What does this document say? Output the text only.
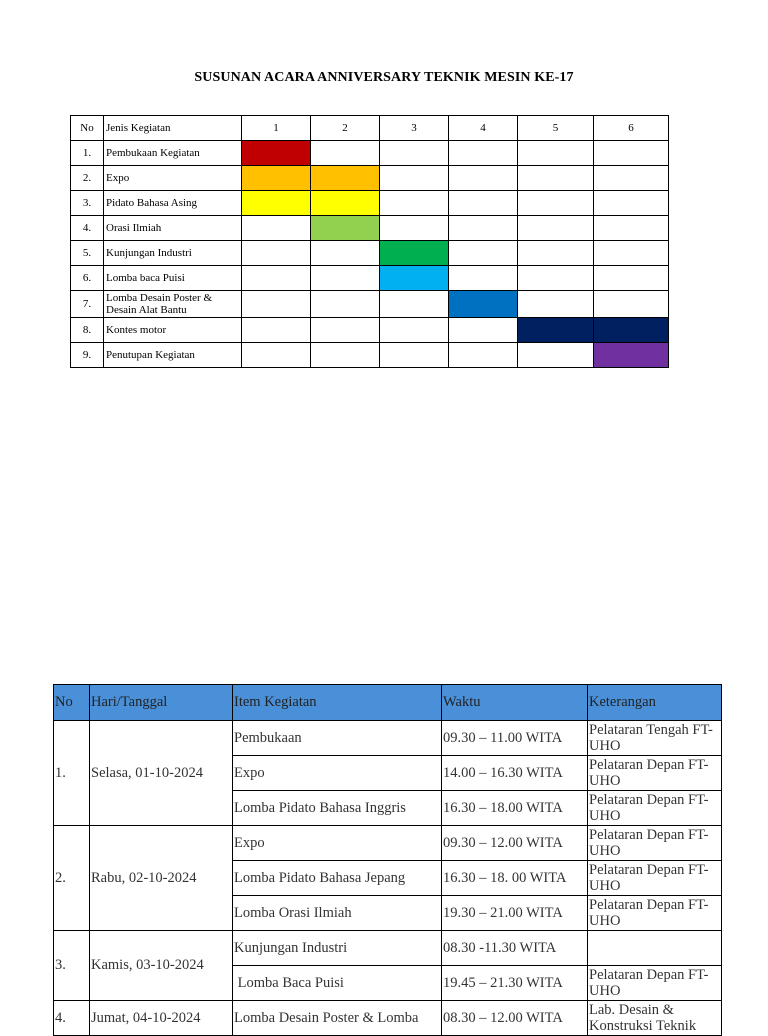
SUSUNAN ACARA ANNIVERSARY TEKNIK MESIN KE-17
No	Jenis Kegiatan	1	2	3	4	5	6
1.	Pembukaan Kegiatan						
2.	Expo						
3.	Pidato Bahasa Asing						
4.	Orasi Ilmiah						
5.	Kunjungan Industri						
6.	Lomba baca Puisi						
7.	Lomba Desain Poster & Desain Alat Bantu						
8.	Kontes motor						
9.	Penutupan Kegiatan						
No	Hari/Tanggal	Item Kegiatan	Waktu	Keterangan
1.	Selasa, 01-10-2024	Pembukaan	09.30 – 11.00 WITA	Pelataran Tengah FT-UHO
		Expo	14.00 – 16.30 WITA	Pelataran Depan FT-UHO
		Lomba Pidato Bahasa Inggris	16.30 – 18.00 WITA	Pelataran Depan FT-UHO
2.	Rabu, 02-10-2024	Expo	09.30 – 12.00 WITA	Pelataran Depan FT-UHO
		Lomba Pidato Bahasa Jepang	16.30 – 18. 00 WITA	Pelataran Depan FT-UHO
		Lomba Orasi Ilmiah	19.30 – 21.00 WITA	Pelataran Depan FT-UHO
3.	Kamis, 03-10-2024	Kunjungan Industri	08.30 -11.30 WITA	
		Lomba Baca Puisi	19.45 – 21.30 WITA	Pelataran Depan FT-UHO
4.	Jumat, 04-10-2024	Lomba Desain Poster & Lomba	08.30 – 12.00 WITA	Lab. Desain & Konstruksi Teknik
